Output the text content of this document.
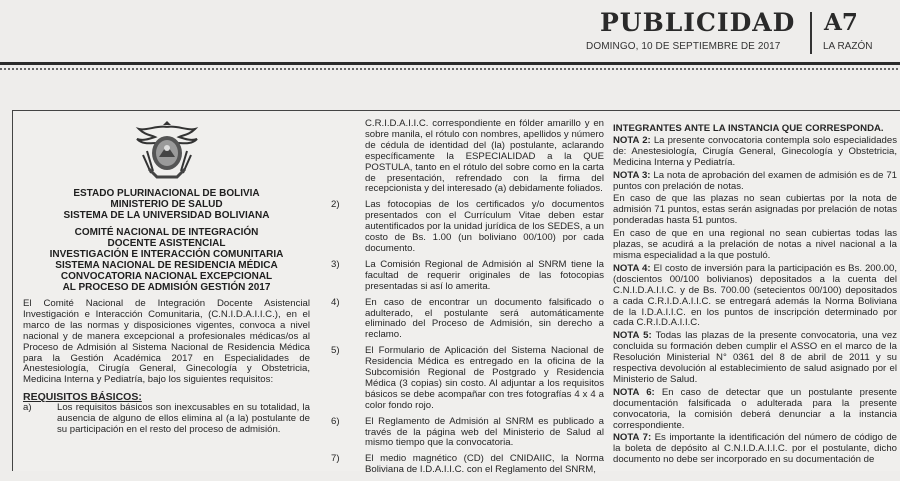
PUBLICIDAD A7
DOMINGO, 10 DE SEPTIEMBRE DE 2017	LA RAZÓN
ESTADO PLURINACIONAL DE BOLIVIA
MINISTERIO DE SALUD
SISTEMA DE LA UNIVERSIDAD BOLIVIANA
COMITÉ NACIONAL DE INTEGRACIÓN
DOCENTE ASISTENCIAL
INVESTIGACIÓN E INTERACCIÓN COMUNITARIA
SISTEMA NACIONAL DE RESIDENCIA MÉDICA
CONVOCATORIA NACIONAL EXCEPCIONAL
AL PROCESO DE ADMISIÓN GESTIÓN 2017
El Comité Nacional de Integración Docente Asistencial Investigación e Interacción Comunitaria, (C.N.I.D.A.I.I.C.), en el marco de las normas y disposiciones vigentes, convoca a nivel nacional y de manera excepcional a profesionales médicas/os al Proceso de Admisión al Sistema Nacional de Residencia Médica para la Gestión Académica 2017 en Especialidades de Anestesiología, Cirugía General, Ginecología y Obstetricia, Medicina Interna y Pediatría, bajo los siguientes requisitos:
REQUISITOS BÁSICOS:
a)	Los requisitos básicos son inexcusables en su totalidad, la ausencia de alguno de ellos elimina al (a la) postulante de su participación en el resto del proceso de admisión.
C.R.I.D.A.I.I.C. correspondiente en fólder amarillo y en sobre manila, el rótulo con nombres, apellidos y número de cédula de identidad del (la) postulante, aclarando específicamente la ESPECIALIDAD a la QUE POSTULA, tanto en el rótulo del sobre como en la carta de presentación, refrendado con la firma del recepcionista y del interesado (a) debidamente foliados.
2)	Las fotocopias de los certificados y/o documentos presentados con el Currículum Vitae deben estar autentificados por la unidad jurídica de los SEDES, a un costo de Bs. 1.00 (un boliviano 00/100) por cada documento.
3)	La Comisión Regional de Admisión al SNRM tiene la facultad de requerir originales de las fotocopias presentadas si así lo amerita.
4)	En caso de encontrar un documento falsificado o adulterado, el postulante será automáticamente eliminado del Proceso de Admisión, sin derecho a reclamo.
5)	El Formulario de Aplicación del Sistema Nacional de Residencia Médica es entregado en la oficina de la Subcomisión Regional de Postgrado y Residencia Médica (3 copias) sin costo. Al adjuntar a los requisitos básicos se debe acompañar con tres fotografías 4 x 4 a color fondo rojo.
6)	El Reglamento de Admisión al SNRM es publicado a través de la página web del Ministerio de Salud al mismo tiempo que la convocatoria.
7)	El medio magnético (CD) del CNIDAIIC, la Norma Boliviana de I.D.A.I.I.C. con el Reglamento del SNRM,
INTEGRANTES ANTE LA INSTANCIA QUE CORRESPONDA.
NOTA 2: La presente convocatoria contempla solo especialidades de: Anestesiología, Cirugía General, Ginecología y Obstetricia, Medicina Interna y Pediatría.
NOTA 3: La nota de aprobación del examen de admisión es de 71 puntos con prelación de notas.
En caso de que las plazas no sean cubiertas por la nota de admisión 71 puntos, estas serán asignadas por prelación de notas ponderadas hasta 51 puntos.
En caso de que en una regional no sean cubiertas todas las plazas, se acudirá a la prelación de notas a nivel nacional a la misma especialidad a la que postuló.
NOTA 4: El costo de inversión para la participación es Bs. 200.00, (doscientos 00/100 bolivianos) depositados a la cuenta del C.N.I.D.A.I.I.C. y de Bs. 700.00 (setecientos 00/100) depositados a cada C.R.I.D.A.I.I.C. se entregará además la Norma Boliviana de la I.D.A.I.I.C. en los puntos de inscripción determinado por cada C.R.I.D.A.I.I.C.
NOTA 5: Todas las plazas de la presente convocatoria, una vez concluida su formación deben cumplir el ASSO en el marco de la Resolución Ministerial N° 0361 del 8 de abril de 2011 y su respectiva devolución al establecimiento de salud asignado por el Ministerio de Salud.
NOTA 6: En caso de detectar que un postulante presente documentación falsificada o adulterada para la presente convocatoria, la comisión deberá denunciar a la instancia correspondiente.
NOTA 7: Es importante la identificación del número de código de la boleta de depósito al C.N.I.D.A.I.I.C. por el postulante, dicho documento no debe ser incorporado en su documentación de
